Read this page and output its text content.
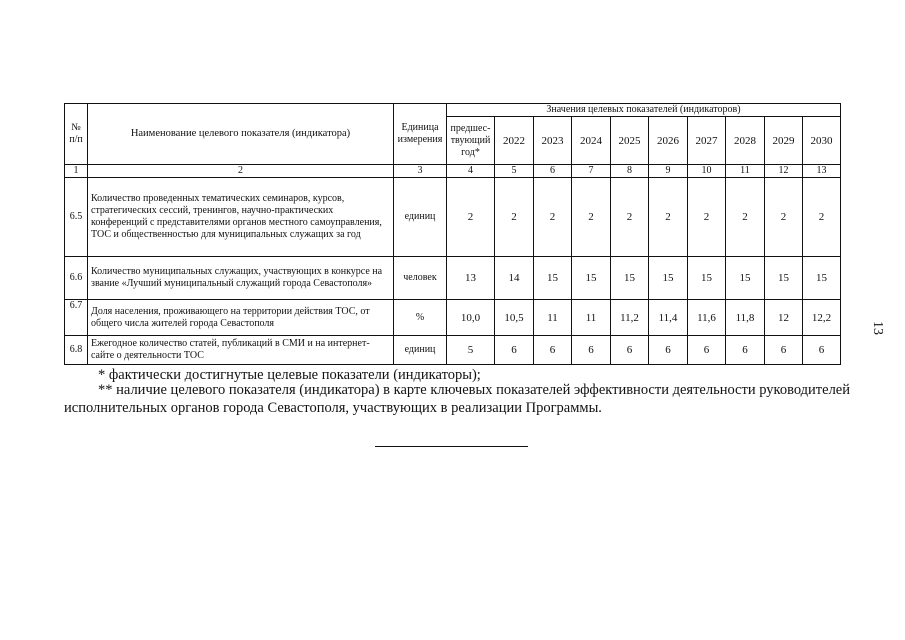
№ п/п	Наименование целевого показателя (индикатора)	Единица измерения	Значения целевых показателей (индикаторов)									
			предшес-твующий год*	2022	2023	2024	2025	2026	2027	2028	2029	2030
1	2	3	4	5	6	7	8	9	10	11	12	13
6.5	Количество проведенных тематических семинаров, курсов, стратегических сессий, тренингов, научно-практических конференций с представителями органов местного самоуправления, ТОС и общественностью для муниципальных служащих за год	единиц	2	2	2	2	2	2	2	2	2	2
6.6	Количество муниципальных служащих, участвующих в конкурсе на звание «Лучший муниципальный служащий города Севастополя»	человек	13	14	15	15	15	15	15	15	15	15
6.7	Доля населения, проживающего на территории действия ТОС, от общего числа жителей города Севастополя	%	10,0	10,5	11	11	11,2	11,4	11,6	11,8	12	12,2
6.8	Ежегодное количество статей, публикаций в СМИ и на интернет-сайте о деятельности ТОС	единиц	5	6	6	6	6	6	6	6	6	6
* фактически достигнутые целевые показатели (индикаторы);
** наличие целевого показателя (индикатора) в карте ключевых показателей эффективности деятельности руководителей исполнительных органов города Севастополя, участвующих в реализации Программы.
13
